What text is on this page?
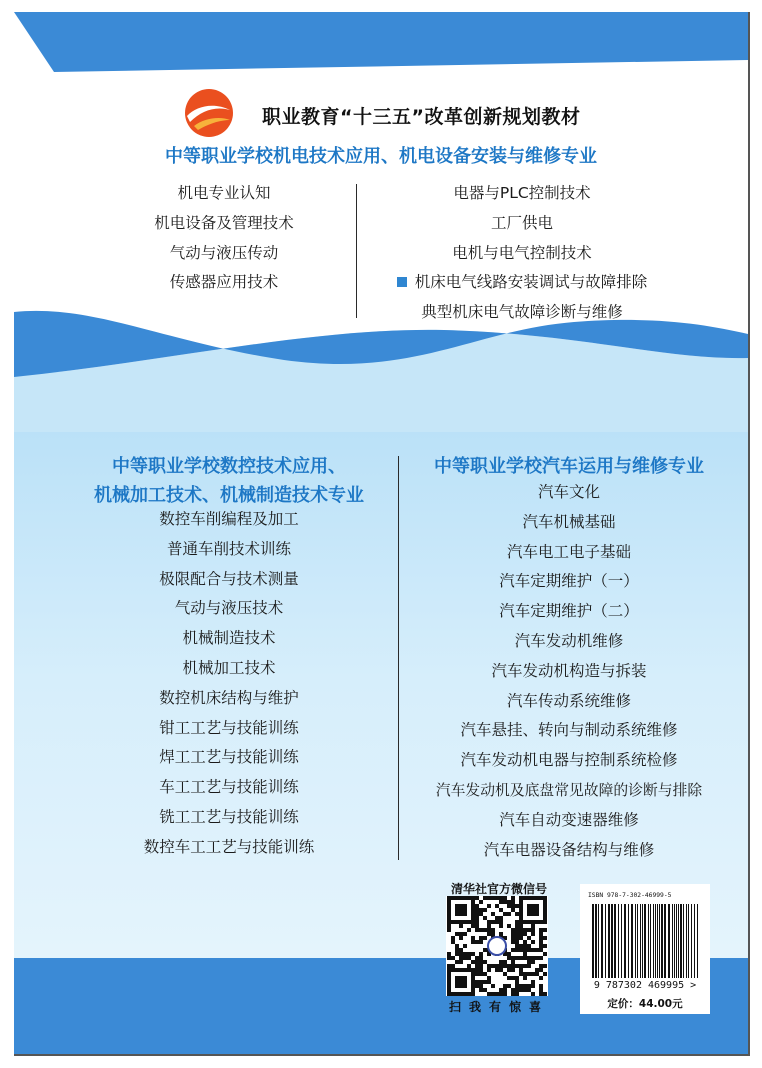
职业教育“十三五”改革创新规划教材
中等职业学校机电技术应用、机电设备安装与维修专业
机电专业认知
机电设备及管理技术
气动与液压传动
传感器应用技术
电器与PLC控制技术
工厂供电
电机与电气控制技术
机床电气线路安装调试与故障排除
典型机床电气故障诊断与维修
中等职业学校数控技术应用、
机械加工技术、机械制造技术专业
中等职业学校汽车运用与维修专业
数控车削编程及加工
普通车削技术训练
极限配合与技术测量
气动与液压技术
机械制造技术
机械加工技术
数控机床结构与维护
钳工工艺与技能训练
焊工工艺与技能训练
车工工艺与技能训练
铣工工艺与技能训练
数控车工工艺与技能训练
汽车文化
汽车机械基础
汽车电工电子基础
汽车定期维护（一）
汽车定期维护（二）
汽车发动机维修
汽车发动机构造与拆装
汽车传动系统维修
汽车悬挂、转向与制动系统维修
汽车发动机电器与控制系统检修
汽车发动机及底盘常见故障的诊断与排除
汽车自动变速器维修
汽车电器设备结构与维修
清华社官方微信号
扫我有惊喜
ISBN 978-7-302-46999-5
9 787302 469995 >
定价：44.00元
